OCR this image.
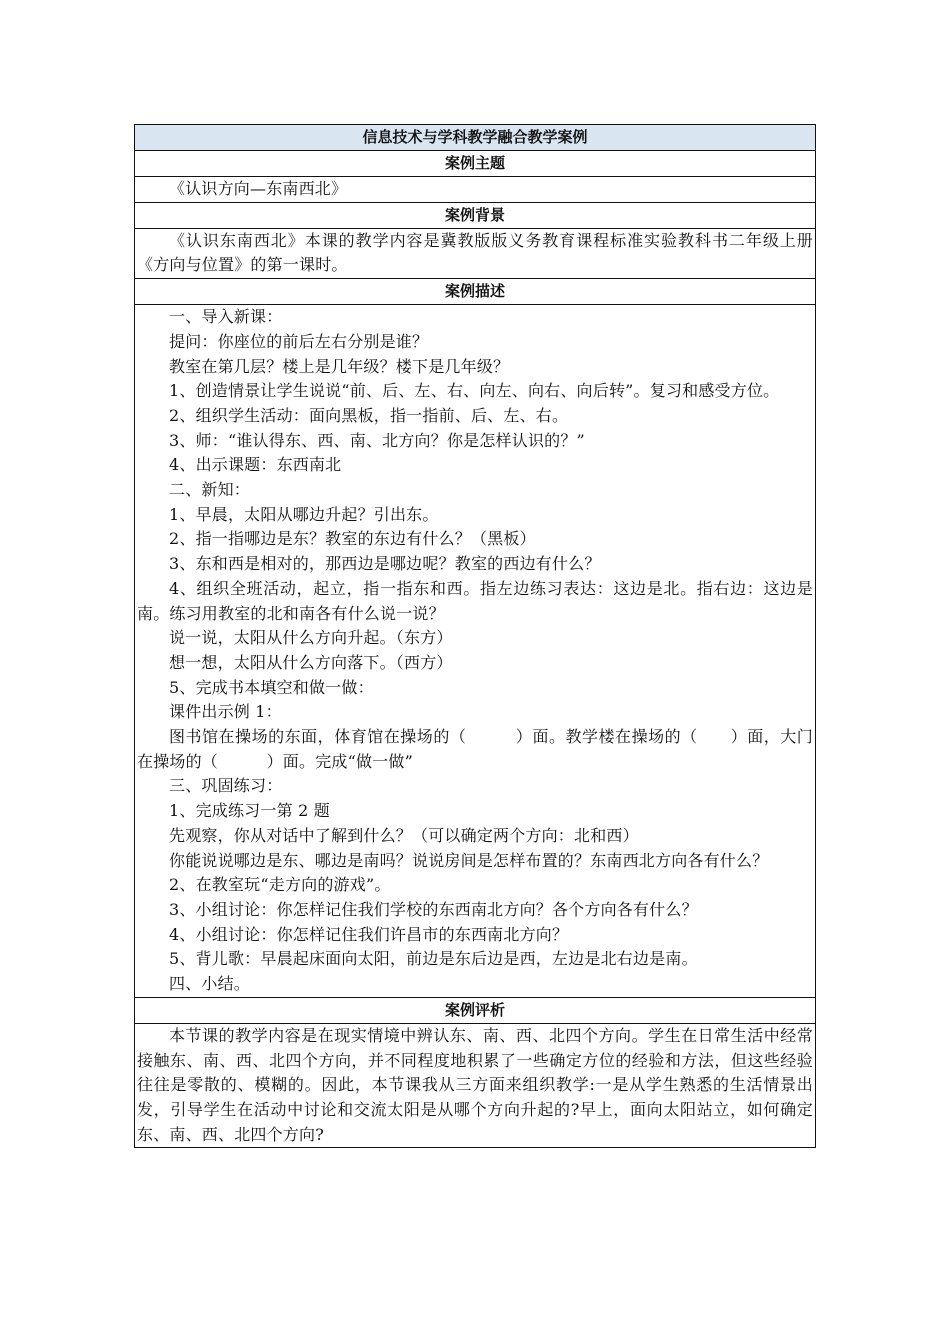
信息技术与学科教学融合教学案例
案例主题

《认识方向—东南西北》

案例背景

《认识东南西北》本课的教学内容是冀教版版义务教育课程标准实验教科书二年级上册《方向与位置》的第一课时。

案例描述

一、导入新课：

提问：你座位的前后左右分别是谁？

教室在第几层？楼上是几年级？楼下是几年级？

1、创造情景让学生说说“前、后、左、右、向左、向右、向后转”。复习和感受方位。

2、组织学生活动：面向黑板，指一指前、后、左、右。

3、师：“谁认得东、西、南、北方向？你是怎样认识的？”

4、出示课题：东西南北

二、新知：

1、早晨，太阳从哪边升起？引出东。

2、指一指哪边是东？教室的东边有什么？（黑板）

3、东和西是相对的，那西边是哪边呢？教室的西边有什么？

4、组织全班活动，起立，指一指东和西。指左边练习表达：这边是北。指右边：这边是南。练习用教室的北和南各有什么说一说？

说一说，太阳从什么方向升起。（东方）

想一想，太阳从什么方向落下。（西方）

5、完成书本填空和做一做：

课件出示例 1：

图书馆在操场的东面，体育馆在操场的（　　　）面。教学楼在操场的（　　）面，大门在操场的（　　　）面。完成“做一做”

三、巩固练习：

1、完成练习一第 2 题

先观察，你从对话中了解到什么？（可以确定两个方向：北和西）

你能说说哪边是东、哪边是南吗？说说房间是怎样布置的？东南西北方向各有什么？

2、在教室玩“走方向的游戏”。

3、小组讨论：你怎样记住我们学校的东西南北方向？各个方向各有什么？

4、小组讨论：你怎样记住我们许昌市的东西南北方向？

5、背儿歌：早晨起床面向太阳，前边是东后边是西，左边是北右边是南。

四、小结。

案例评析

本节课的教学内容是在现实情境中辨认东、南、西、北四个方向。学生在日常生活中经常接触东、南、西、北四个方向，并不同程度地积累了一些确定方位的经验和方法，但这些经验往往是零散的、模糊的。因此，本节课我从三方面来组织教学:一是从学生熟悉的生活情景出发，引导学生在活动中讨论和交流太阳是从哪个方向升起的?早上，面向太阳站立，如何确定东、南、西、北四个方向?
